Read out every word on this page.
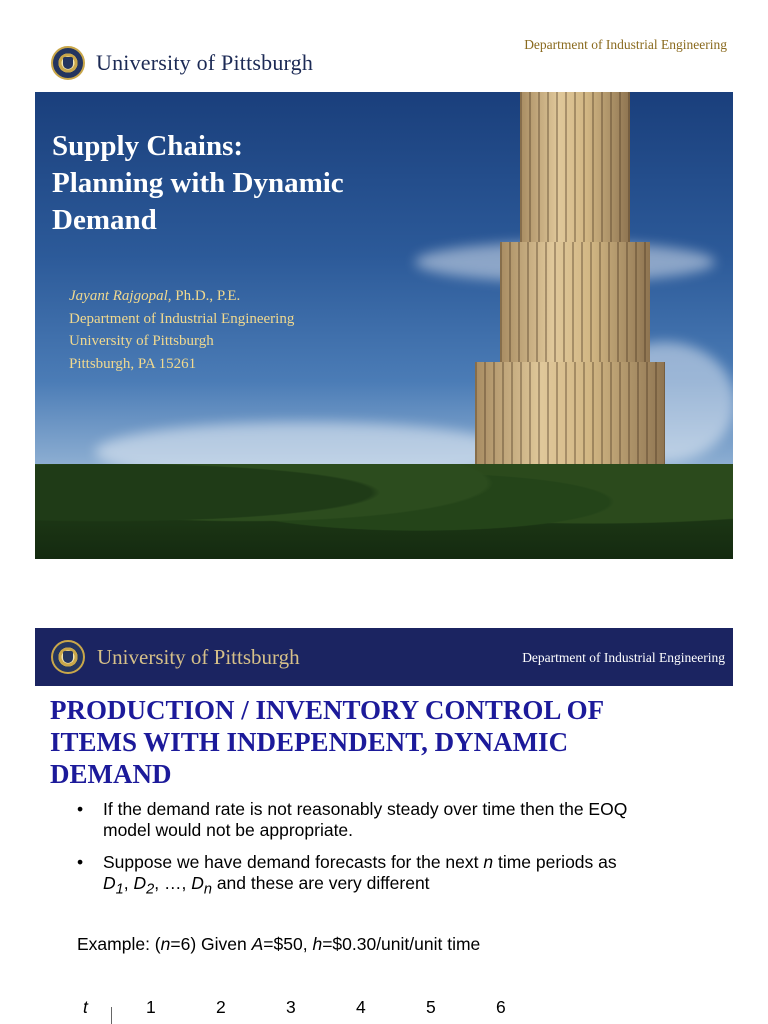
University of Pittsburgh
Department of Industrial Engineering
Supply Chains:
Planning with Dynamic
Demand
Jayant Rajgopal, Ph.D., P.E.
Department of Industrial Engineering
University of Pittsburgh
Pittsburgh, PA 15261
University of Pittsburgh	Department of Industrial Engineering
PRODUCTION / INVENTORY CONTROL OF
ITEMS WITH INDEPENDENT, DYNAMIC
DEMAND
• If the demand rate is not reasonably steady over time then the EOQ
model would not be appropriate.
• Suppose we have demand forecasts for the next n time periods as
$D_1$, $D_2$, …, $D_n$ and these are very different
Example: (n=6) Given A=$50, h=$0.30/unit/unit time
t	1	2	3	4	5	6
